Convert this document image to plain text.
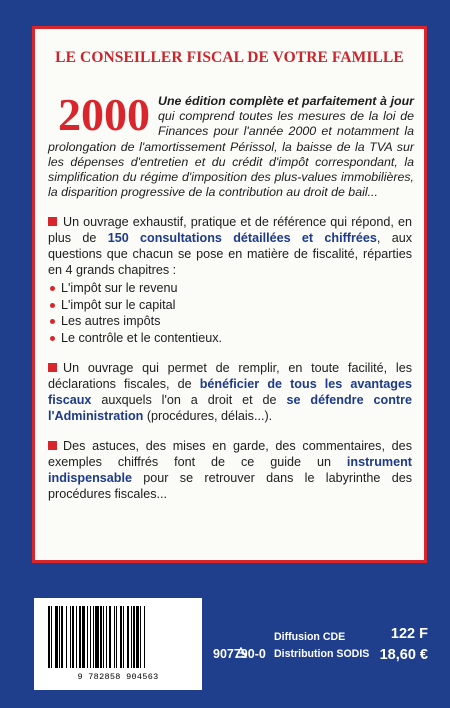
LE CONSEILLER FISCAL DE VOTRE FAMILLE
2000 Une édition complète et parfaitement à jour qui comprend toutes les mesures de la loi de Finances pour l'année 2000 et notamment la prolongation de l'amortissement Périssol, la baisse de la TVA sur les dépenses d'entretien et du crédit d'impôt correspondant, la simplification du régime d'imposition des plus-values immobilières, la disparition progressive de la contribution au droit de bail...

Un ouvrage exhaustif, pratique et de référence qui répond, en plus de 150 consultations détaillées et chiffrées, aux questions que chacun se pose en matière de fiscalité, réparties en 4 grands chapitres :
L'impôt sur le revenu
L'impôt sur le capital
Les autres impôts
Le contrôle et le contentieux.
Un ouvrage qui permet de remplir, en toute facilité, les déclarations fiscales, de bénéficier de tous les avantages fiscaux auxquels l'on a droit et de se défendre contre l'Administration (procédures, délais...).
Des astuces, des mises en garde, des commentaires, des exemples chiffrés font de ce guide un instrument indispensable pour se retrouver dans le labyrinthe des procédures fiscales...
9 782858 904563
907790-0
Diffusion CDE
Distribution SODIS
122 F
18,60 €
